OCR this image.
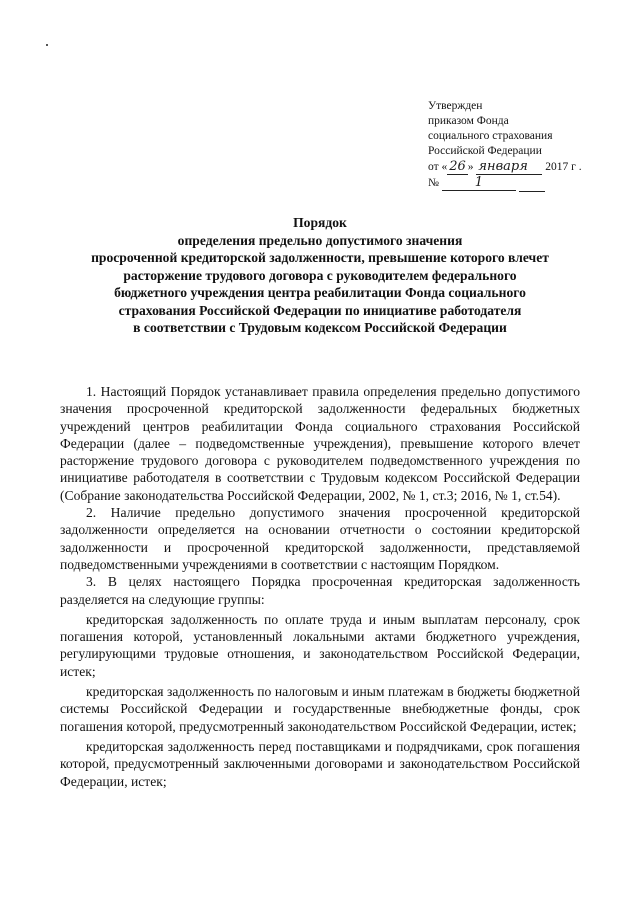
Утвержден
приказом Фонда
социального страхования
Российской Федерации
от « 26 » января 2017 г .
№	1
Порядок
определения предельно допустимого значения
просроченной кредиторской задолженности, превышение которого влечет
расторжение трудового договора с руководителем федерального
бюджетного учреждения центра реабилитации Фонда социального
страхования Российской Федерации по инициативе работодателя
в соответствии с Трудовым кодексом Российской Федерации

1. Настоящий Порядок устанавливает правила определения предельно допустимого значения просроченной кредиторской задолженности федеральных бюджетных учреждений центров реабилитации Фонда социального страхования Российской Федерации (далее – подведомственные учреждения), превышение которого влечет расторжение трудового договора с руководителем подведомственного учреждения по инициативе работодателя в соответствии с Трудовым кодексом Российской Федерации (Собрание законодательства Российской Федерации, 2002, № 1, ст.3; 2016, № 1, ст.54).

2. Наличие предельно допустимого значения просроченной кредиторской задолженности определяется на основании отчетности о состоянии кредиторской задолженности и просроченной кредиторской задолженности, представляемой подведомственными учреждениями в соответствии с настоящим Порядком.

3. В целях настоящего Порядка просроченная кредиторская задолженность разделяется на следующие группы:

кредиторская задолженность по оплате труда и иным выплатам персоналу, срок погашения которой, установленный локальными актами бюджетного учреждения, регулирующими трудовые отношения, и законодательством Российской Федерации, истек;

кредиторская задолженность по налоговым и иным платежам в бюджеты бюджетной системы Российской Федерации и государственные внебюджетные фонды, срок погашения которой, предусмотренный законодательством Российской Федерации, истек;

кредиторская задолженность перед поставщиками и подрядчиками, срок погашения которой, предусмотренный заключенными договорами и законодательством Российской Федерации, истек;
